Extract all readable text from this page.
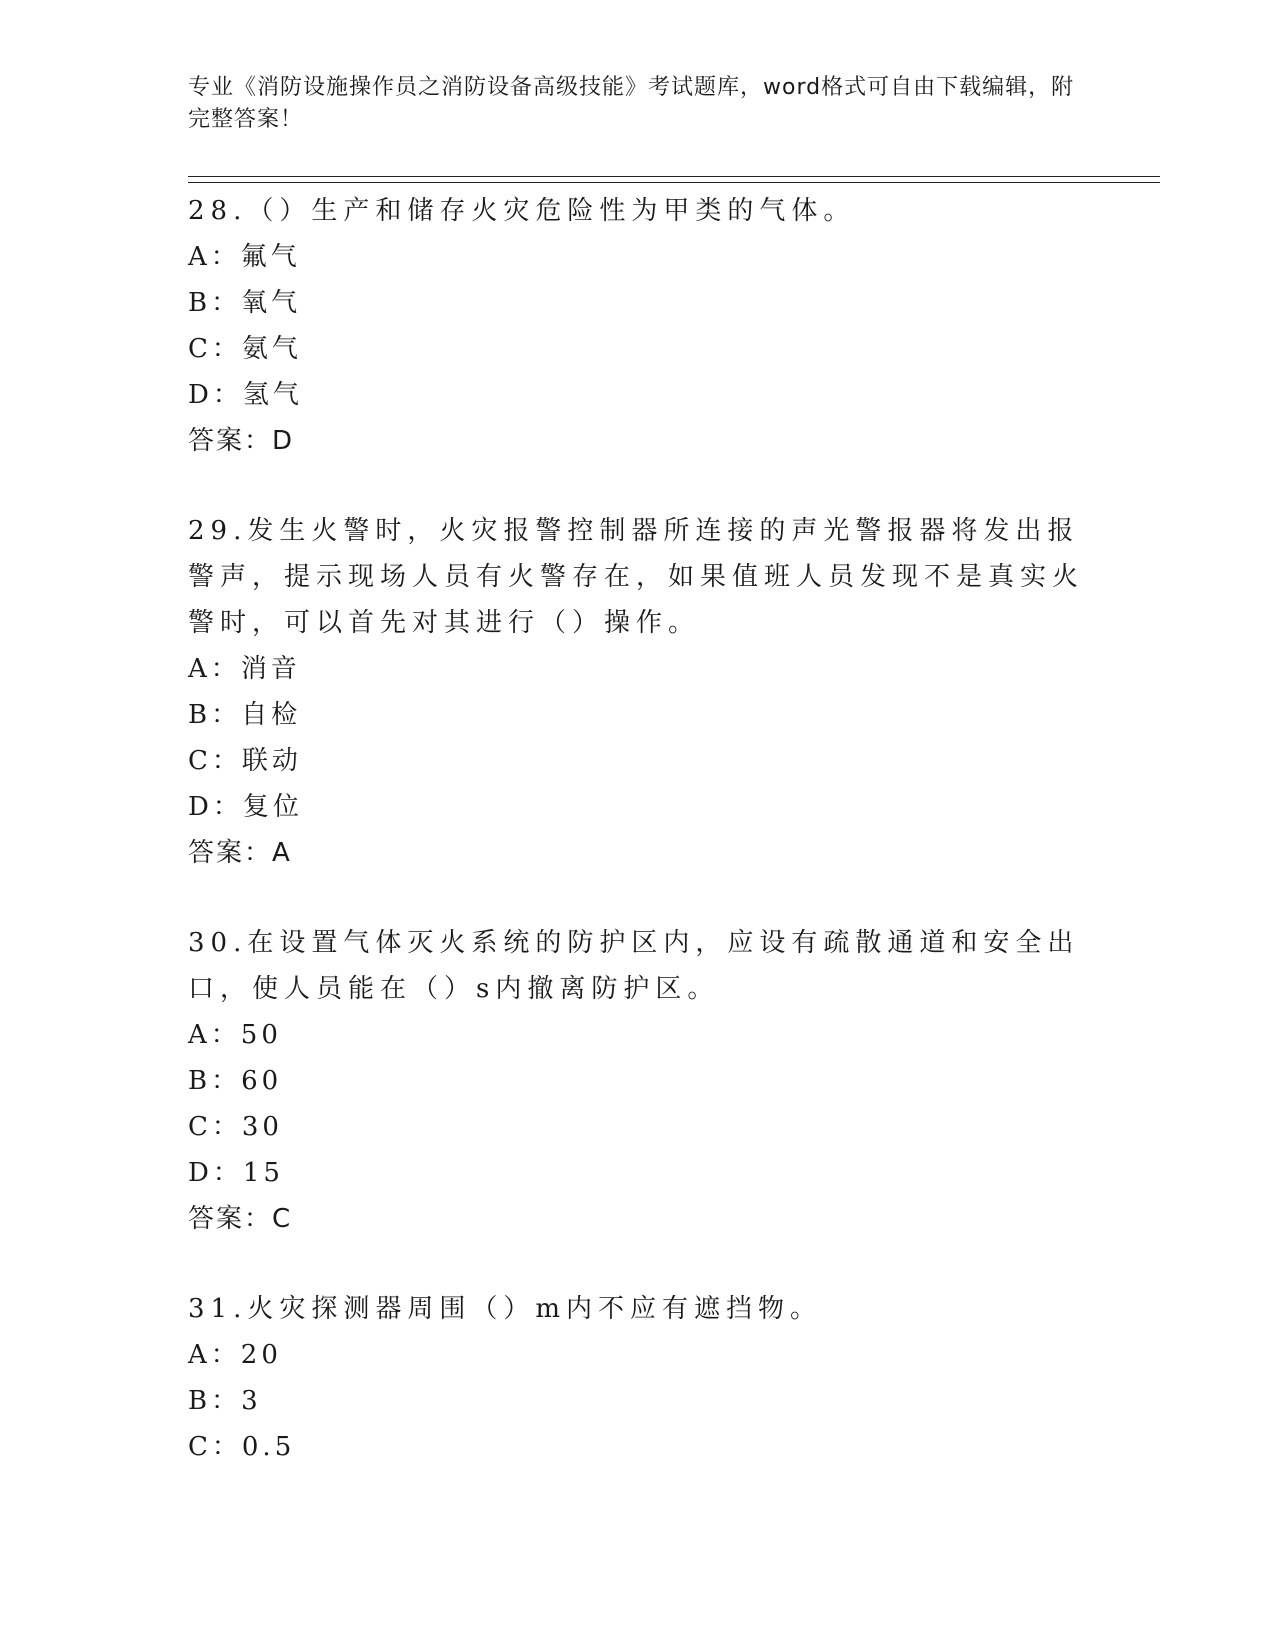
专业《消防设施操作员之消防设备高级技能》考试题库，word格式可自由下载编辑，附完整答案！

28.（）生产和储存火灾危险性为甲类的气体。

A：氟气

B：氧气

C：氨气

D：氢气

答案：D

29.发生火警时，火灾报警控制器所连接的声光警报器将发出报警声，提示现场人员有火警存在，如果值班人员发现不是真实火警时，可以首先对其进行（）操作。

A：消音

B：自检

C：联动

D：复位

答案：A

30.在设置气体灭火系统的防护区内，应设有疏散通道和安全出口，使人员能在（）s内撤离防护区。

A：50

B：60

C：30

D：15

答案：C

31.火灾探测器周围（）m内不应有遮挡物。

A：20

B：3

C：0.5
